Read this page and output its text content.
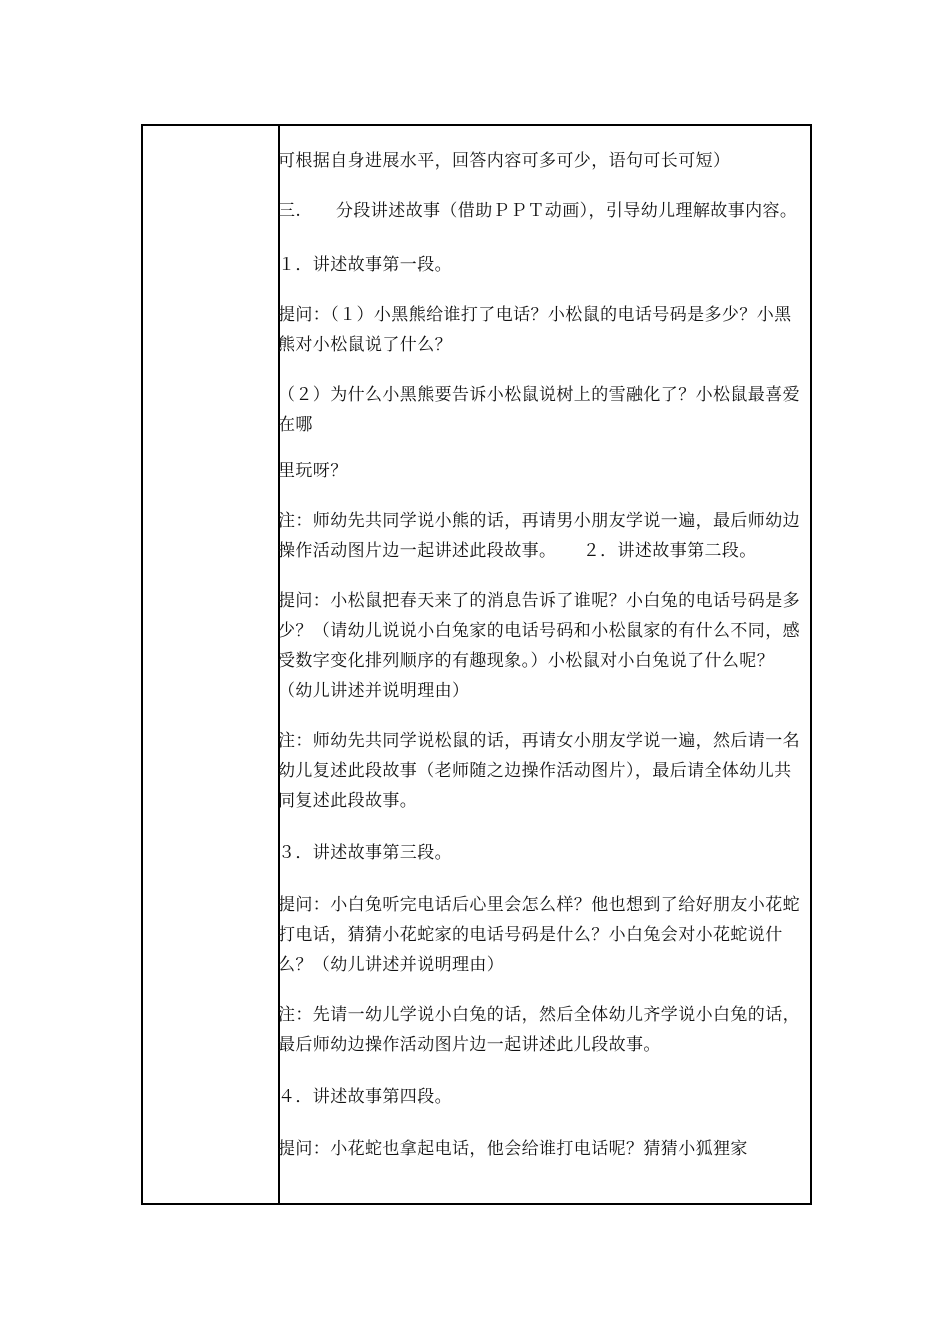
可根据自身进展水平，回答内容可多可少，语句可长可短）

三.　　分段讲述故事（借助ＰＰＴ动画），引导幼儿理解故事内容。

１．讲述故事第一段。

提问：（１）小黑熊给谁打了电话？小松鼠的电话号码是多少？小黑熊对小松鼠说了什么？

（２）为什么小黑熊要告诉小松鼠说树上的雪融化了？小松鼠最喜爱在哪

里玩呀？

注：师幼先共同学说小熊的话，再请男小朋友学说一遍，最后师幼边操作活动图片边一起讲述此段故事。　　２．讲述故事第二段。

提问：小松鼠把春天来了的消息告诉了谁呢？小白兔的电话号码是多少？（请幼儿说说小白兔家的电话号码和小松鼠家的有什么不同，感受数字变化排列顺序的有趣现象。）小松鼠对小白兔说了什么呢？（幼儿讲述并说明理由）

注：师幼先共同学说松鼠的话，再请女小朋友学说一遍，然后请一名幼儿复述此段故事（老师随之边操作活动图片），最后请全体幼儿共同复述此段故事。

３．讲述故事第三段。

提问：小白兔听完电话后心里会怎么样？他也想到了给好朋友小花蛇打电话，猜猜小花蛇家的电话号码是什么？小白兔会对小花蛇说什么？（幼儿讲述并说明理由）

注：先请一幼儿学说小白兔的话，然后全体幼儿齐学说小白兔的话，最后师幼边操作活动图片边一起讲述此儿段故事。

４．讲述故事第四段。

提问：小花蛇也拿起电话，他会给谁打电话呢？猜猜小狐狸家
